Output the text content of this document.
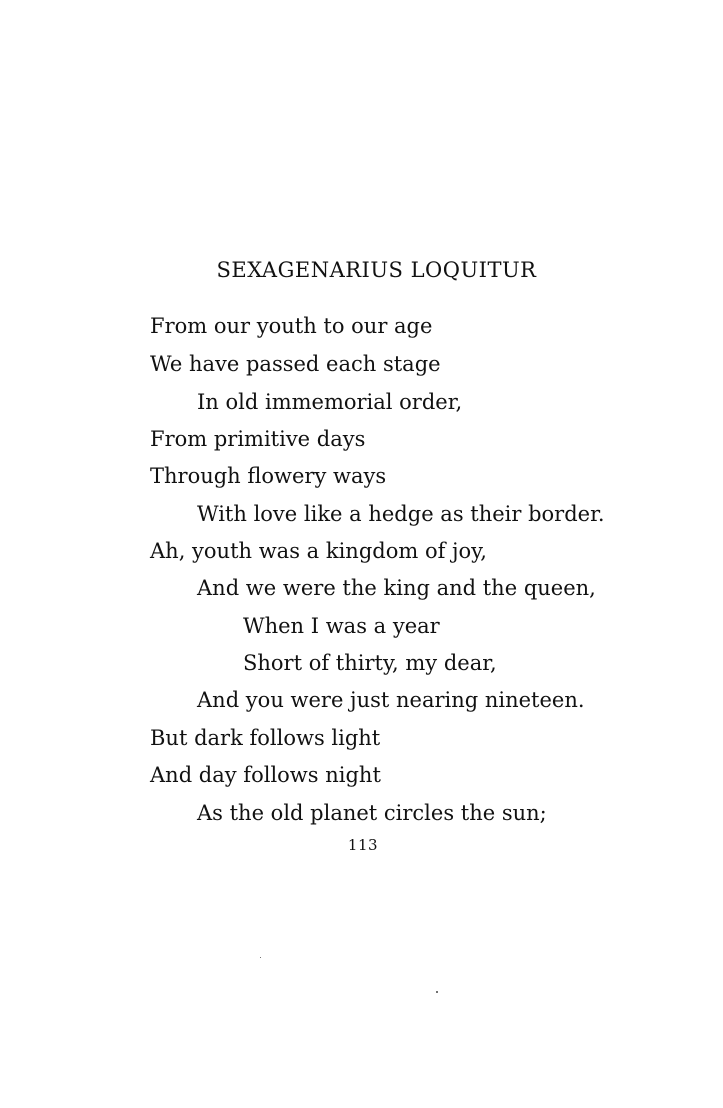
SEXAGENARIUS LOQUITUR
From our youth to our age
We have passed each stage
In old immemorial order,
From primitive days
Through flowery ways
With love like a hedge as their border.
Ah, youth was a kingdom of joy,
And we were the king and the queen,
When I was a year
Short of thirty, my dear,
And you were just nearing nineteen.
But dark follows light
And day follows night
As the old planet circles the sun;
113
